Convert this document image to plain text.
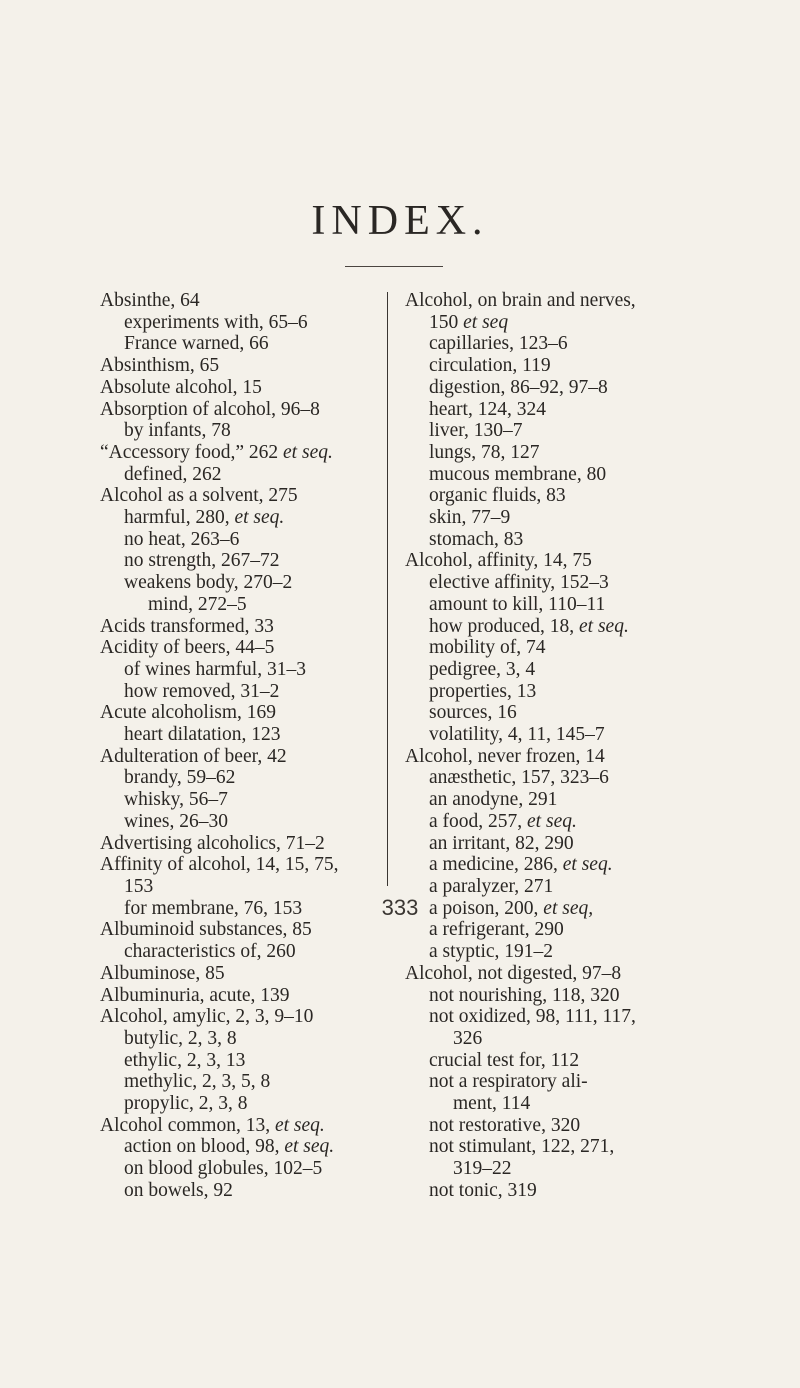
INDEX.
Absinthe, 64
experiments with, 65–6
France warned, 66
Absinthism, 65
Absolute alcohol, 15
Absorption of alcohol, 96–8
by infants, 78
“Accessory food,” 262 et seq.
defined, 262
Alcohol as a solvent, 275
harmful, 280, et seq.
no heat, 263–6
no strength, 267–72
weakens body, 270–2
mind, 272–5
Acids transformed, 33
Acidity of beers, 44–5
of wines harmful, 31–3
how removed, 31–2
Acute alcoholism, 169
heart dilatation, 123
Adulteration of beer, 42
brandy, 59–62
whisky, 56–7
wines, 26–30
Advertising alcoholics, 71–2
Affinity of alcohol, 14, 15, 75,
153
for membrane, 76, 153
Albuminoid substances, 85
characteristics of, 260
Albuminose, 85
Albuminuria, acute, 139
Alcohol, amylic, 2, 3, 9–10
butylic, 2, 3, 8
ethylic, 2, 3, 13
methylic, 2, 3, 5, 8
propylic, 2, 3, 8
Alcohol common, 13, et seq.
action on blood, 98, et seq.
on blood globules, 102–5
on bowels, 92
Alcohol, on brain and nerves,
150 et seq
capillaries, 123–6
circulation, 119
digestion, 86–92, 97–8
heart, 124, 324
liver, 130–7
lungs, 78, 127
mucous membrane, 80
organic fluids, 83
skin, 77–9
stomach, 83
Alcohol, affinity, 14, 75
elective affinity, 152–3
amount to kill, 110–11
how produced, 18, et seq.
mobility of, 74
pedigree, 3, 4
properties, 13
sources, 16
volatility, 4, 11, 145–7
Alcohol, never frozen, 14
anæsthetic, 157, 323–6
an anodyne, 291
a food, 257, et seq.
an irritant, 82, 290
a medicine, 286, et seq.
a paralyzer, 271
a poison, 200, et seq,
a refrigerant, 290
a styptic, 191–2
Alcohol, not digested, 97–8
not nourishing, 118, 320
not oxidized, 98, 111, 117,
326
crucial test for, 112
not a respiratory ali-
ment, 114
not restorative, 320
not stimulant, 122, 271,
319–22
not tonic, 319
333
